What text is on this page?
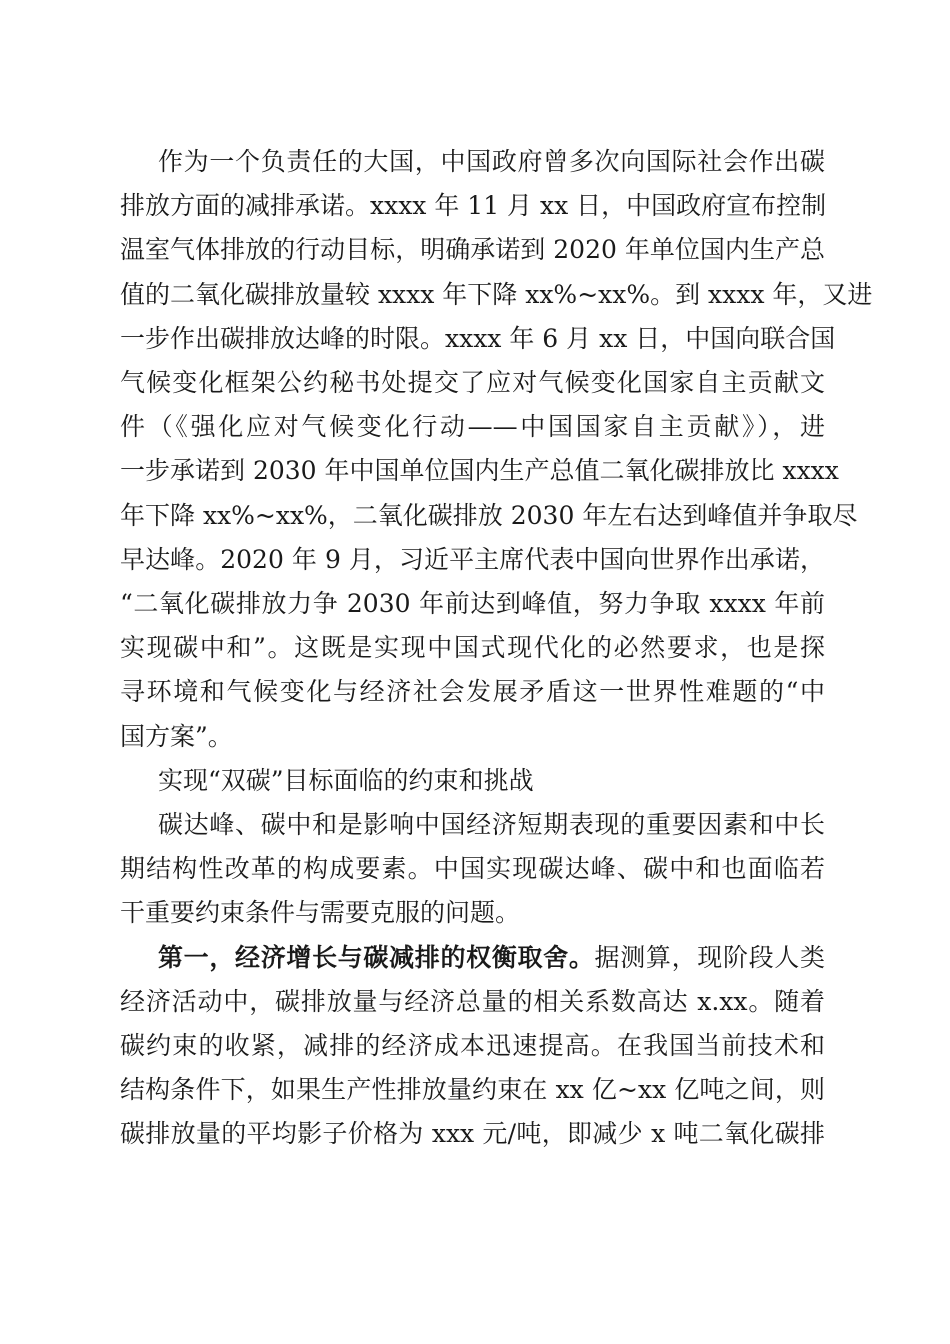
作为一个负责任的大国，中国政府曾多次向国际社会作出碳
排放方面的减排承诺。xxxx 年 11 月 xx 日，中国政府宣布控制
温室气体排放的行动目标，明确承诺到 2020 年单位国内生产总
值的二氧化碳排放量较 xxxx 年下降 xx%~xx%。到 xxxx 年，又进
一步作出碳排放达峰的时限。xxxx 年 6 月 xx 日，中国向联合国
气候变化框架公约秘书处提交了应对气候变化国家自主贡献文
件（《强化应对气候变化行动——中国国家自主贡献》），进
一步承诺到 2030 年中国单位国内生产总值二氧化碳排放比 xxxx
年下降 xx%~xx%，二氧化碳排放 2030 年左右达到峰值并争取尽
早达峰。2020 年 9 月，习近平主席代表中国向世界作出承诺，
“二氧化碳排放力争 2030 年前达到峰值，努力争取 xxxx 年前
实现碳中和”。这既是实现中国式现代化的必然要求，也是探
寻环境和气候变化与经济社会发展矛盾这一世界性难题的“中
国方案”。
实现“双碳”目标面临的约束和挑战
碳达峰、碳中和是影响中国经济短期表现的重要因素和中长
期结构性改革的构成要素。中国实现碳达峰、碳中和也面临若
干重要约束条件与需要克服的问题。
第一，经济增长与碳减排的权衡取舍。据测算，现阶段人类
经济活动中，碳排放量与经济总量的相关系数高达 x.xx。随着
碳约束的收紧，减排的经济成本迅速提高。在我国当前技术和
结构条件下，如果生产性排放量约束在 xx 亿~xx 亿吨之间，则
碳排放量的平均影子价格为 xxx 元/吨，即减少 x 吨二氧化碳排
